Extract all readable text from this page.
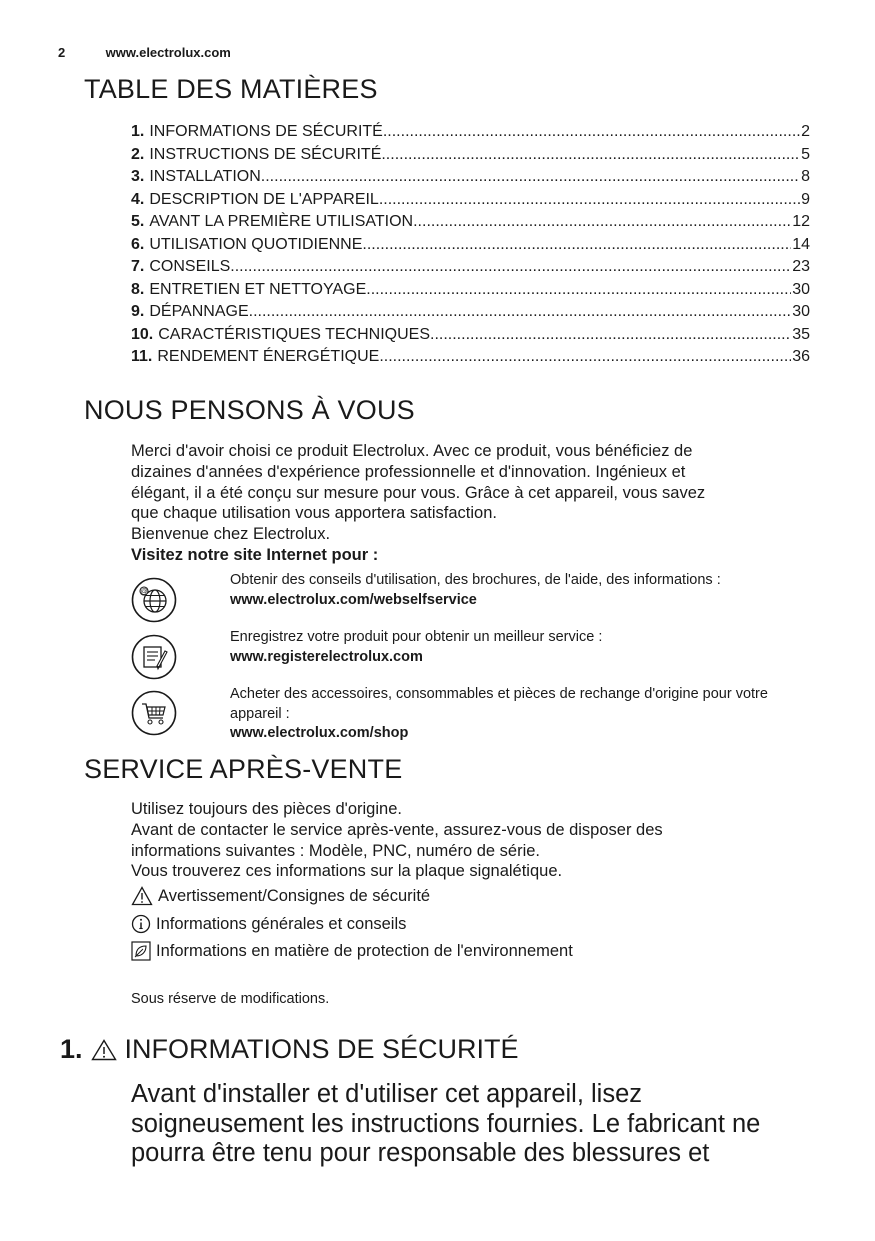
2	www.electrolux.com
TABLE DES MATIÈRES
1. INFORMATIONS DE SÉCURITÉ .....	2
2. INSTRUCTIONS DE SÉCURITÉ .....	5
3. INSTALLATION .....	8
4. DESCRIPTION DE L'APPAREIL .....	9
5. AVANT LA PREMIÈRE UTILISATION .....	12
6. UTILISATION QUOTIDIENNE .....	14
7. CONSEILS .....	23
8. ENTRETIEN ET NETTOYAGE .....	30
9. DÉPANNAGE .....	30
10. CARACTÉRISTIQUES TECHNIQUES .....	35
11. RENDEMENT ÉNERGÉTIQUE .....	36
NOUS PENSONS À VOUS
Merci d'avoir choisi ce produit Electrolux. Avec ce produit, vous bénéficiez de
dizaines d'années d'expérience professionnelle et d'innovation. Ingénieux et
élégant, il a été conçu sur mesure pour vous. Grâce à cet appareil, vous savez
que chaque utilisation vous apportera satisfaction.
Bienvenue chez Electrolux.
Visitez notre site Internet pour :
@
Obtenir des conseils d'utilisation, des brochures, de l'aide, des informations :
www.electrolux.com/webselfservice
Enregistrez votre produit pour obtenir un meilleur service :
www.registerelectrolux.com
Acheter des accessoires, consommables et pièces de rechange d'origine pour votre appareil :
www.electrolux.com/shop
SERVICE APRÈS-VENTE
Utilisez toujours des pièces d'origine.
Avant de contacter le service après-vente, assurez-vous de disposer des
informations suivantes : Modèle, PNC, numéro de série.
Vous trouverez ces informations sur la plaque signalétique.
Avertissement/Consignes de sécurité
Informations générales et conseils
Informations en matière de protection de l'environnement
Sous réserve de modifications.
1. INFORMATIONS DE SÉCURITÉ
Avant d'installer et d'utiliser cet appareil, lisez
soigneusement les instructions fournies. Le fabricant ne
pourra être tenu pour responsable des blessures et
